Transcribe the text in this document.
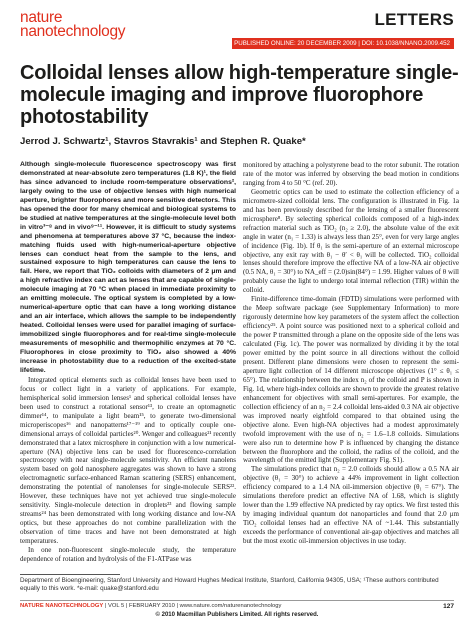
nature
nanotechnology
LETTERS
PUBLISHED ONLINE: 20 DECEMBER 2009 | DOI: 10.1038/NNANO.2009.452
Colloidal lenses allow high-temperature single-molecule imaging and improve fluorophore photostability
Jerrod J. Schwartz¹, Stavros Stavrakis¹ and Stephen R. Quake*

Although single-molecule fluorescence spectroscopy was first demonstrated at near-absolute zero temperatures (1.8 K)¹, the field has since advanced to include room-temperature observations², largely owing to the use of objective lenses with high numerical aperture, brighter fluorophores and more sensitive detectors. This has opened the door for many chemical and biological systems to be studied at native temperatures at the single-molecule level both in vitro³⁻⁸ and in vivo⁹⁻¹¹. However, it is difficult to study systems and phenomena at temperatures above 37 °C, because the index-matching fluids used with high-numerical-aperture objective lenses can conduct heat from the sample to the lens, and sustained exposure to high temperatures can cause the lens to fail. Here, we report that TiO₂ colloids with diameters of 2 μm and a high refractive index can act as lenses that are capable of single-molecule imaging at 70 °C when placed in immediate proximity to an emitting molecule. The optical system is completed by a low-numerical-aperture optic that can have a long working distance and an air interface, which allows the sample to be independently heated. Colloidal lenses were used for parallel imaging of surface-immobilized single fluorophores and for real-time single-molecule measurements of mesophilic and thermophilic enzymes at 70 °C. Fluorophores in close proximity to TiO₂ also showed a 40% increase in photostability due to a reduction of the excited-state lifetime.

Integrated optical elements such as colloidal lenses have been used to focus or collect light in a variety of applications. For example, hemispherical solid immersion lenses¹ and spherical colloidal lenses have been used to construct a rotational sensor¹³, to create an optomagnetic dimmer¹⁴, to manipulate a light beam¹⁵, to generate two-dimensional microperiscopes¹⁶ and nanopatterns¹⁷⁻¹⁹ and to optically couple one-dimensional arrays of colloidal particles²⁰. Wenger and colleagues²¹ recently demonstrated that a latex microsphere in conjunction with a low numerical-aperture (NA) objective lens can be used for fluorescence-correlation spectroscopy with near single-molecule sensitivity. An efficient nanolens system based on gold nanosphere aggregates was shown to have a strong electromagnetic surface-enhanced Raman scattering (SERS) enhancement, demonstrating the potential of nanolenses for single-molecule SERS²². However, these techniques have not yet achieved true single-molecule sensitivity. Single-molecule detection in droplets²³ and flowing sample streams²⁴ has been demonstrated with long working distance and low-NA optics, but these approaches do not combine parallelization with the observation of time traces and have not been demonstrated at high temperatures.

In one non-fluorescent single-molecule study, the temperature dependence of rotation and hydrolysis of the F1-ATPase was

monitored by attaching a polystyrene bead to the rotor subunit. The rotation rate of the motor was inferred by observing the bead motion in conditions ranging from 4 to 50 °C (ref. 20).

Geometric optics can be used to estimate the collection efficiency of a micrometre-sized colloidal lens. The configuration is illustrated in Fig. 1a and has been previously described for the lensing of a smaller fluorescent microsphere⁸. By selecting spherical colloids composed of a high-index refraction material such as TiO₂ (n₂ ≥ 2.0), the absolute value of the exit angle in water (n₁ = 1.33) is always less than 25°, even for very large angles of incidence (Fig. 1b). If θ₁ is the semi-aperture of an external microscope objective, any exit ray with θ₁ − θ′ < θ₁ will be collected. TiO₂ colloidal lenses should therefore improve the effective NA of a low-NA air objective (0.5 NA, θ₁ = 30°) to NA_eff = (2.0)sin(84°) = 1.99. Higher values of θ will probably cause the light to undergo total internal reflection (TIR) within the colloid.

Finite-difference time-domain (FDTD) simulations were performed with the Meep software package (see Supplementary Information) to more rigorously determine how key parameters of the system affect the collection efficiency²⁵. A point source was positioned next to a spherical colloid and the power P transmitted through a plane on the opposite side of the lens was calculated (Fig. 1c). The power was normalized by dividing it by the total power emitted by the point source in all directions without the colloid present. Different plane dimensions were chosen to represent the semi-aperture light collection of 14 different microscope objectives (1° ≤ θ₁ ≤ 65°). The relationship between the index n₂ of the colloid and P is shown in Fig. 1d, where high-index colloids are shown to provide the greatest relative enhancement for objectives with small semi-apertures. For example, the collection efficiency of an n₂ = 2.4 colloidal lens-aided 0.3 NA air objective was improved nearly eightfold compared to that obtained using the objective alone. Even high-NA objectives had a modest approximately twofold improvement with the use of n₂ = 1.6–1.8 colloids. Simulations were also run to determine how P is influenced by changing the distance between the fluorophore and the colloid, the radius of the colloid, and the wavelength of the emitted light (Supplementary Fig. S1).

The simulations predict that n₂ = 2.0 colloids should allow a 0.5 NA air objective (θ₁ = 30°) to achieve a 44% improvement in light collection efficiency compared to a 1.4 NA oil-immersion objective (θ₁ = 67°). The simulations therefore predict an effective NA of 1.68, which is slightly lower than the 1.99 effective NA predicted by ray optics. We first tested this by imaging individual quantum dot nanoparticles and found that 2.0 μm TiO₂ colloidal lenses had an effective NA of ~1.44. This substantially exceeds the performance of conventional air-gap objectives and matches all but the most exotic oil-immersion objectives in use today.

Department of Bioengineering, Stanford University and Howard Hughes Medical Institute, Stanford, California 94305, USA; ¹These authors contributed equally to this work. *e-mail: quake@stanford.edu
NATURE NANOTECHNOLOGY | VOL 5 | FEBRUARY 2010 | www.nature.com/naturenanotechnology	127
© 2010 Macmillan Publishers Limited. All rights reserved.
